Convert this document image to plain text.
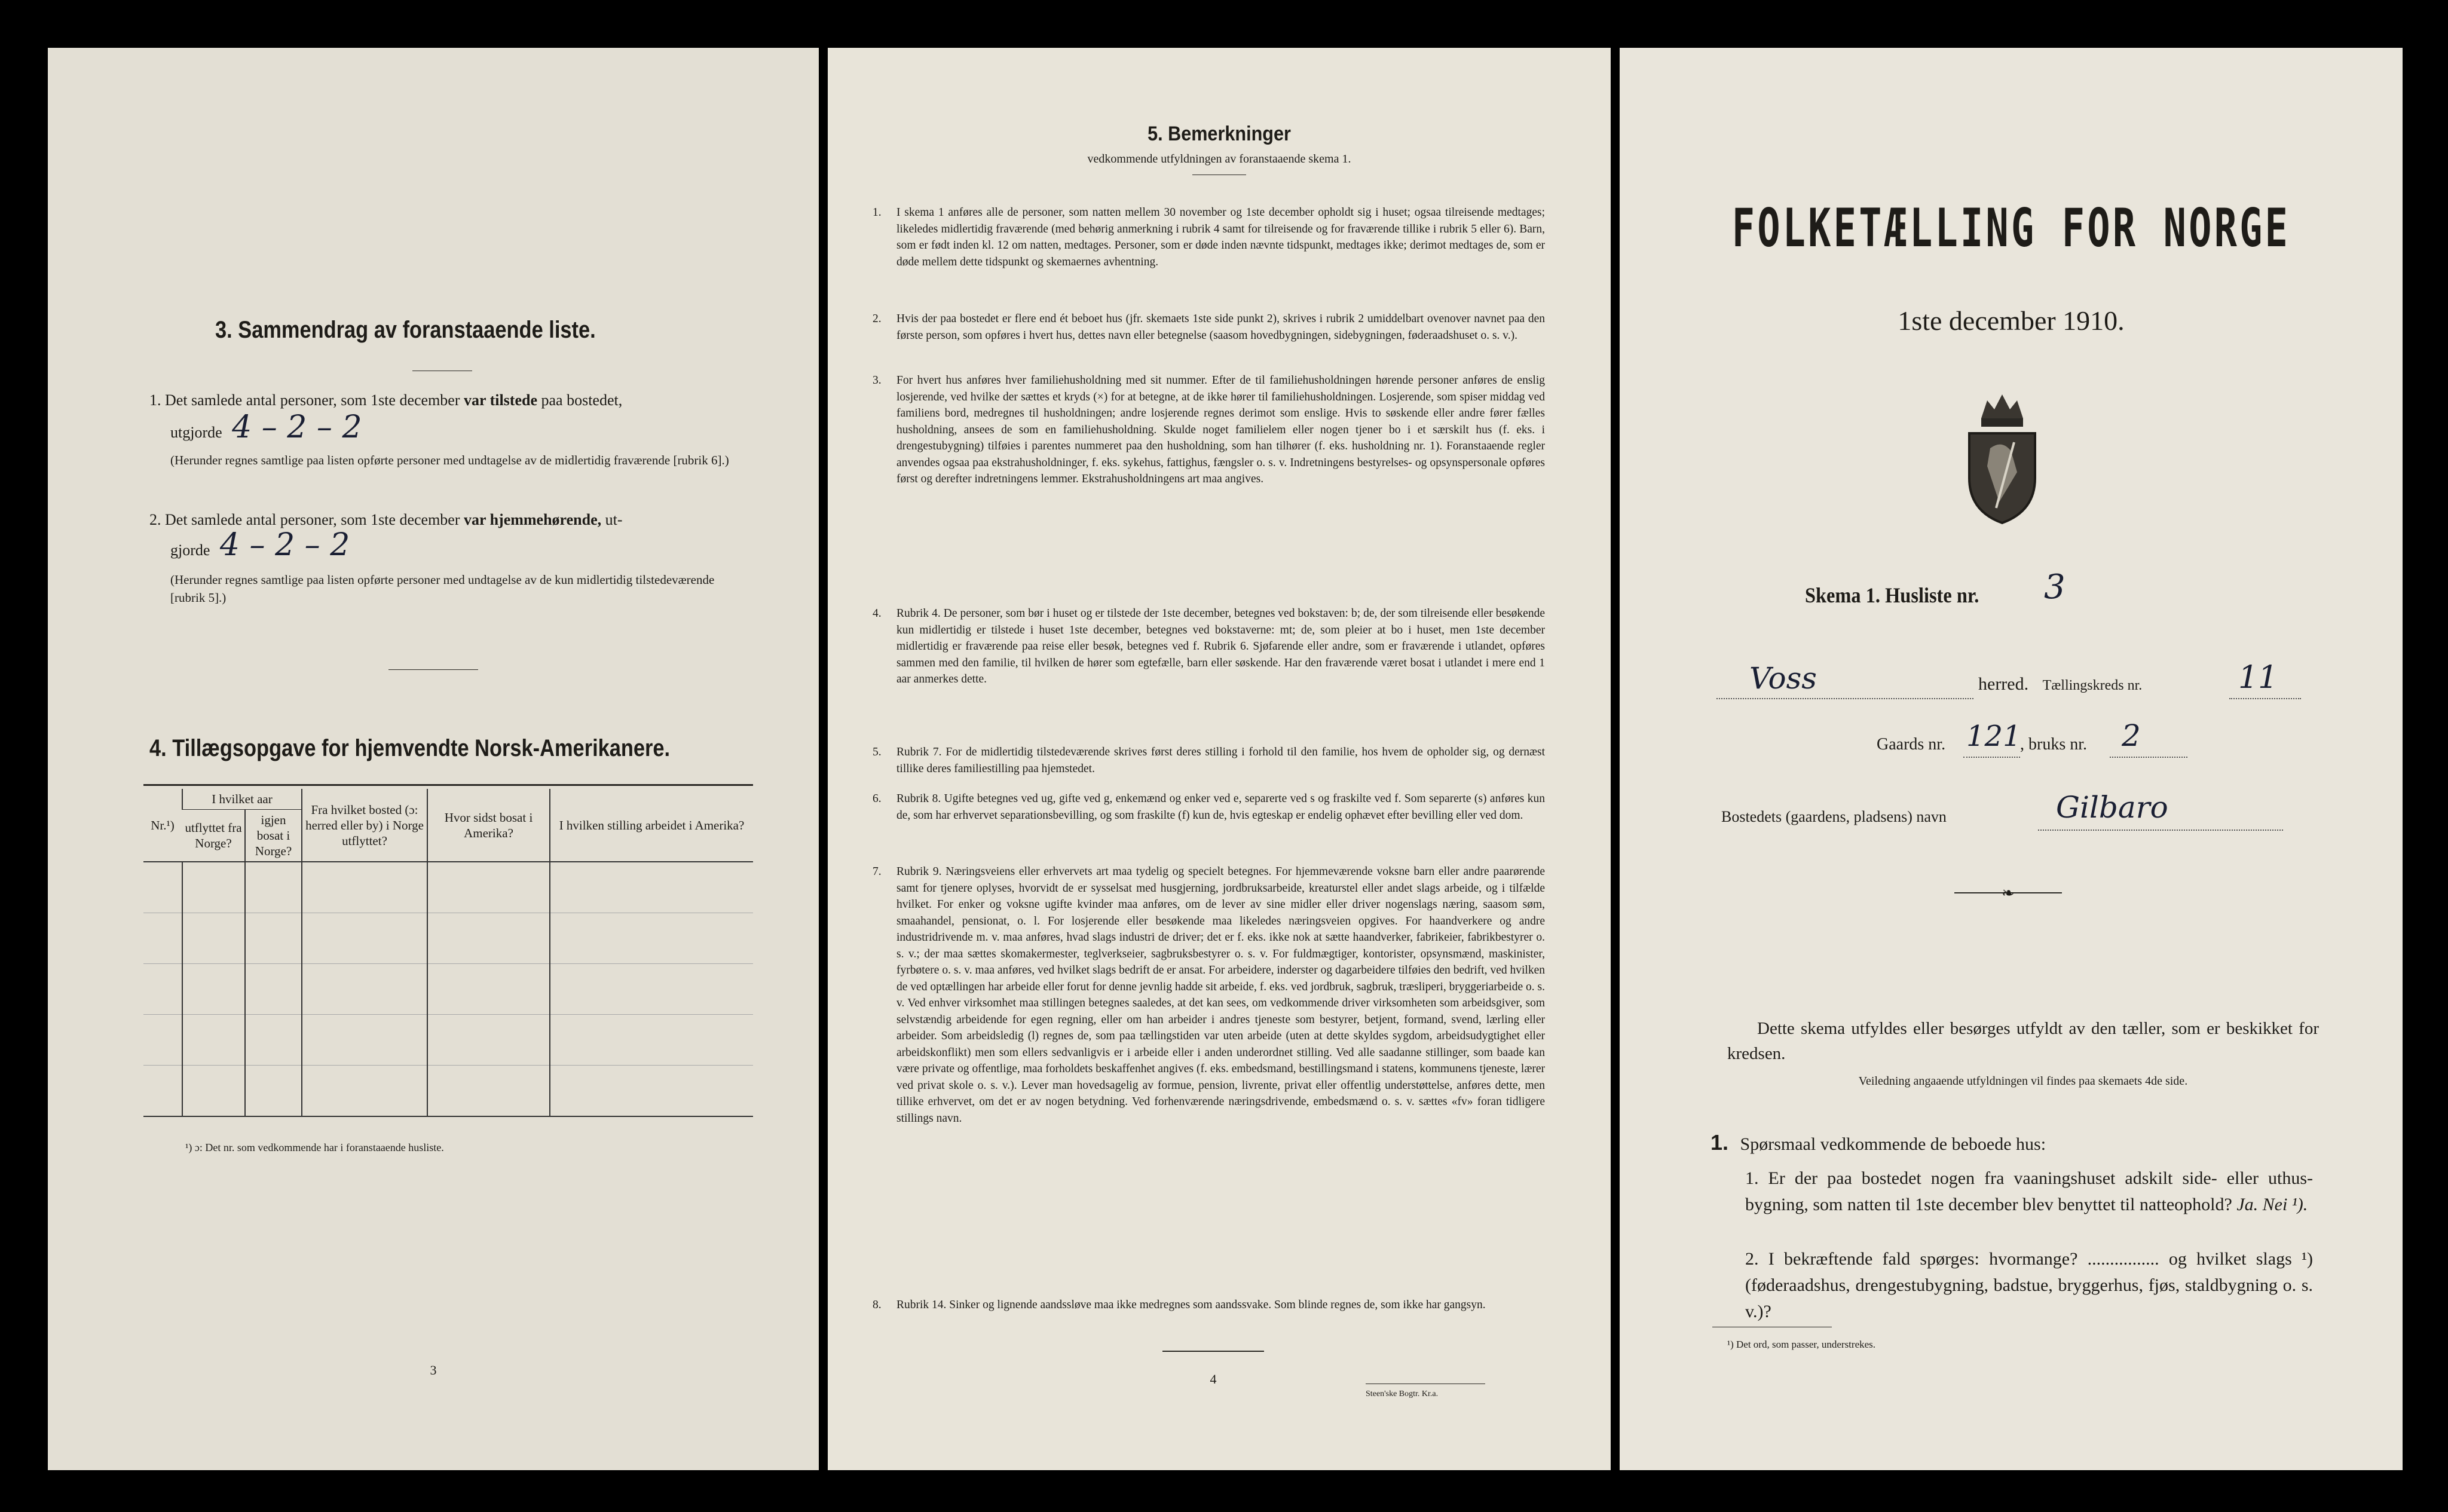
3. Sammendrag av foranstaaende liste.
1. Det samlede antal personer, som 1ste december var tilstede paa bostedet,
utgjorde 4 – 2 – 2
(Herunder regnes samtlige paa listen opførte personer med undtagelse av de midlertidig fraværende [rubrik 6].)
2. Det samlede antal personer, som 1ste december var hjemmehørende, ut-
gjorde 4 – 2 – 2
(Herunder regnes samtlige paa listen opførte personer med undtagelse av de kun midlertidig tilstedeværende [rubrik 5].)
4. Tillægsopgave for hjemvendte Norsk-Amerikanere.
Nr.¹)	I hvilket aar		Fra hvilket bosted (ɔ: herred eller by) i Norge utflyttet?	Hvor sidst bosat i Amerika?	I hvilken stilling arbeidet i Amerika?
	utflyttet fra Norge?	igjen bosat i Norge?			

¹) ɔ: Det nr. som vedkommende har i foranstaaende husliste.
3
5. Bemerkninger
vedkommende utfyldningen av foranstaaende skema 1.
1. I skema 1 anføres alle de personer, som natten mellem 30 november og 1ste december opholdt sig i huset; ogsaa tilreisende medtages; likeledes midlertidig fraværende (med behørig anmerkning i rubrik 4 samt for tilreisende og for fraværende tillike i rubrik 5 eller 6). Barn, som er født inden kl. 12 om natten, medtages. Personer, som er døde inden nævnte tidspunkt, medtages ikke; derimot medtages de, som er døde mellem dette tidspunkt og skemaernes avhentning.
2. Hvis der paa bostedet er flere end ét beboet hus (jfr. skemaets 1ste side punkt 2), skrives i rubrik 2 umiddelbart ovenover navnet paa den første person, som opføres i hvert hus, dettes navn eller betegnelse (saasom hovedbygningen, sidebygningen, føderaadshuset o. s. v.).
3. For hvert hus anføres hver familiehusholdning med sit nummer. Efter de til familiehusholdningen hørende personer anføres de enslig losjerende, ved hvilke der sættes et kryds (×) for at betegne, at de ikke hører til familiehusholdningen. Losjerende, som spiser middag ved familiens bord, medregnes til husholdningen; andre losjerende regnes derimot som enslige. Hvis to søskende eller andre fører fælles husholdning, ansees de som en familiehusholdning. Skulde noget familielem eller nogen tjener bo i et særskilt hus (f. eks. i drengestubygning) tilføies i parentes nummeret paa den husholdning, som han tilhører (f. eks. husholdning nr. 1). Foranstaaende regler anvendes ogsaa paa ekstrahusholdninger, f. eks. sykehus, fattighus, fængsler o. s. v. Indretningens bestyrelses- og opsynspersonale opføres først og derefter indretningens lemmer. Ekstrahusholdningens art maa angives.
4. Rubrik 4. De personer, som bør i huset og er tilstede der 1ste december, betegnes ved bokstaven: b; de, der som tilreisende eller besøkende kun midlertidig er tilstede i huset 1ste december, betegnes ved bokstaverne: mt; de, som pleier at bo i huset, men 1ste december midlertidig er fraværende paa reise eller besøk, betegnes ved f. Rubrik 6. Sjøfarende eller andre, som er fraværende i utlandet, opføres sammen med den familie, til hvilken de hører som egtefælle, barn eller søskende. Har den fraværende været bosat i utlandet i mere end 1 aar anmerkes dette.
5. Rubrik 7. For de midlertidig tilstedeværende skrives først deres stilling i forhold til den familie, hos hvem de opholder sig, og dernæst tillike deres familiestilling paa hjemstedet.
6. Rubrik 8. Ugifte betegnes ved ug, gifte ved g, enkemænd og enker ved e, separerte ved s og fraskilte ved f. Som separerte (s) anføres kun de, som har erhvervet separationsbevilling, og som fraskilte (f) kun de, hvis egteskap er endelig ophævet efter bevilling eller ved dom.
7. Rubrik 9. Næringsveiens eller erhvervets art maa tydelig og specielt betegnes. For hjemmeværende voksne barn eller andre paarørende samt for tjenere oplyses, hvorvidt de er sysselsat med husgjerning, jordbruksarbeide, kreaturstel eller andet slags arbeide, og i tilfælde hvilket. For enker og voksne ugifte kvinder maa anføres, om de lever av sine midler eller driver nogenslags næring, saasom søm, smaahandel, pensionat, o. l. For losjerende eller besøkende maa likeledes næringsveien opgives. For haandverkere og andre industridrivende m. v. maa anføres, hvad slags industri de driver; det er f. eks. ikke nok at sætte haandverker, fabrikeier, fabrikbestyrer o. s. v.; der maa sættes skomakermester, teglverkseier, sagbruksbestyrer o. s. v. For fuldmægtiger, kontorister, opsynsmænd, maskinister, fyrbøtere o. s. v. maa anføres, ved hvilket slags bedrift de er ansat. For arbeidere, inderster og dagarbeidere tilføies den bedrift, ved hvilken de ved optællingen har arbeide eller forut for denne jevnlig hadde sit arbeide, f. eks. ved jordbruk, sagbruk, træsliperi, bryggeriarbeide o. s. v. Ved enhver virksomhet maa stillingen betegnes saaledes, at det kan sees, om vedkommende driver virksomheten som arbeidsgiver, som selvstændig arbeidende for egen regning, eller om han arbeider i andres tjeneste som bestyrer, betjent, formand, svend, lærling eller arbeider. Som arbeidsledig (l) regnes de, som paa tællingstiden var uten arbeide (uten at dette skyldes sygdom, arbeidsudygtighet eller arbeidskonflikt) men som ellers sedvanligvis er i arbeide eller i anden underordnet stilling. Ved alle saadanne stillinger, som baade kan være private og offentlige, maa forholdets beskaffenhet angives (f. eks. embedsmand, bestillingsmand i statens, kommunens tjeneste, lærer ved privat skole o. s. v.). Lever man hovedsagelig av formue, pension, livrente, privat eller offentlig understøttelse, anføres dette, men tillike erhvervet, om det er av nogen betydning. Ved forhenværende næringsdrivende, embedsmænd o. s. v. sættes «fv» foran tidligere stillings navn.
8. Rubrik 14. Sinker og lignende aandssløve maa ikke medregnes som aandssvake. Som blinde regnes de, som ikke har gangsyn.
4
Steen'ske Bogtr. Kr.a.
FOLKETÆLLING FOR NORGE
1ste december 1910.
Skema 1. Husliste nr. 3
Voss	herred. Tællingskreds nr.	11
Gaards nr. 121
, bruks nr. 2
Bostedets (gaardens, pladsens) navn	Gilbaro
❧
Dette skema utfyldes eller besørges utfyldt av den tæller, som er beskikket for kredsen.
Veiledning angaaende utfyldningen vil findes paa skemaets 4de side.
1. Spørsmaal vedkommende de beboede hus:
1. Er der paa bostedet nogen fra vaaningshuset adskilt side- eller uthus-bygning, som natten til 1ste december blev benyttet til natteophold? Ja. Nei ¹).
2. I bekræftende fald spørges: hvormange? ................ og hvilket slags ¹) (føderaadshus, drengestubygning, badstue, bryggerhus, fjøs, staldbygning o. s. v.)?
¹) Det ord, som passer, understrekes.
